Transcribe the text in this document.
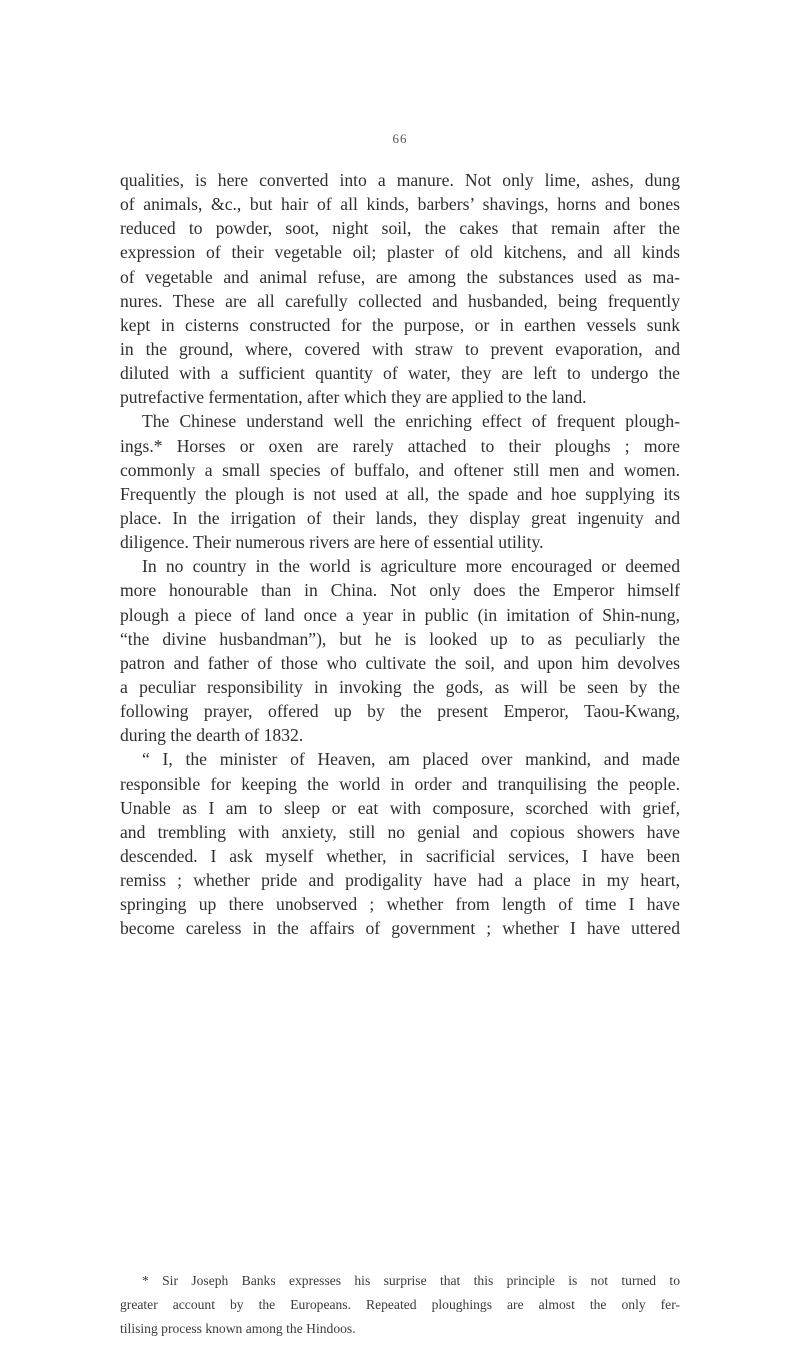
66
qualities, is here converted into a manure. Not only lime, ashes, dung
of animals, &c., but hair of all kinds, barbers’ shavings, horns and bones
reduced to powder, soot, night soil, the cakes that remain after the
expression of their vegetable oil; plaster of old kitchens, and all kinds
of vegetable and animal refuse, are among the substances used as ma-
nures. These are all carefully collected and husbanded, being frequently
kept in cisterns constructed for the purpose, or in earthen vessels sunk
in the ground, where, covered with straw to prevent evaporation, and
diluted with a sufficient quantity of water, they are left to undergo the
putrefactive fermentation, after which they are applied to the land.
The Chinese understand well the enriching effect of frequent plough-
ings.* Horses or oxen are rarely attached to their ploughs ; more
commonly a small species of buffalo, and oftener still men and women.
Frequently the plough is not used at all, the spade and hoe supplying its
place. In the irrigation of their lands, they display great ingenuity and
diligence. Their numerous rivers are here of essential utility.
In no country in the world is agriculture more encouraged or deemed
more honourable than in China. Not only does the Emperor himself
plough a piece of land once a year in public (in imitation of Shin-nung,
“the divine husbandman”), but he is looked up to as peculiarly the
patron and father of those who cultivate the soil, and upon him devolves
a peculiar responsibility in invoking the gods, as will be seen by the
following prayer, offered up by the present Emperor, Taou-Kwang,
during the dearth of 1832.
“ I, the minister of Heaven, am placed over mankind, and made
responsible for keeping the world in order and tranquilising the people.
Unable as I am to sleep or eat with composure, scorched with grief,
and trembling with anxiety, still no genial and copious showers have
descended. I ask myself whether, in sacrificial services, I have been
remiss ; whether pride and prodigality have had a place in my heart,
springing up there unobserved ; whether from length of time I have
become careless in the affairs of government ; whether I have uttered
* Sir Joseph Banks expresses his surprise that this principle is not turned to
greater account by the Europeans. Repeated ploughings are almost the only fer-
tilising process known among the Hindoos.
